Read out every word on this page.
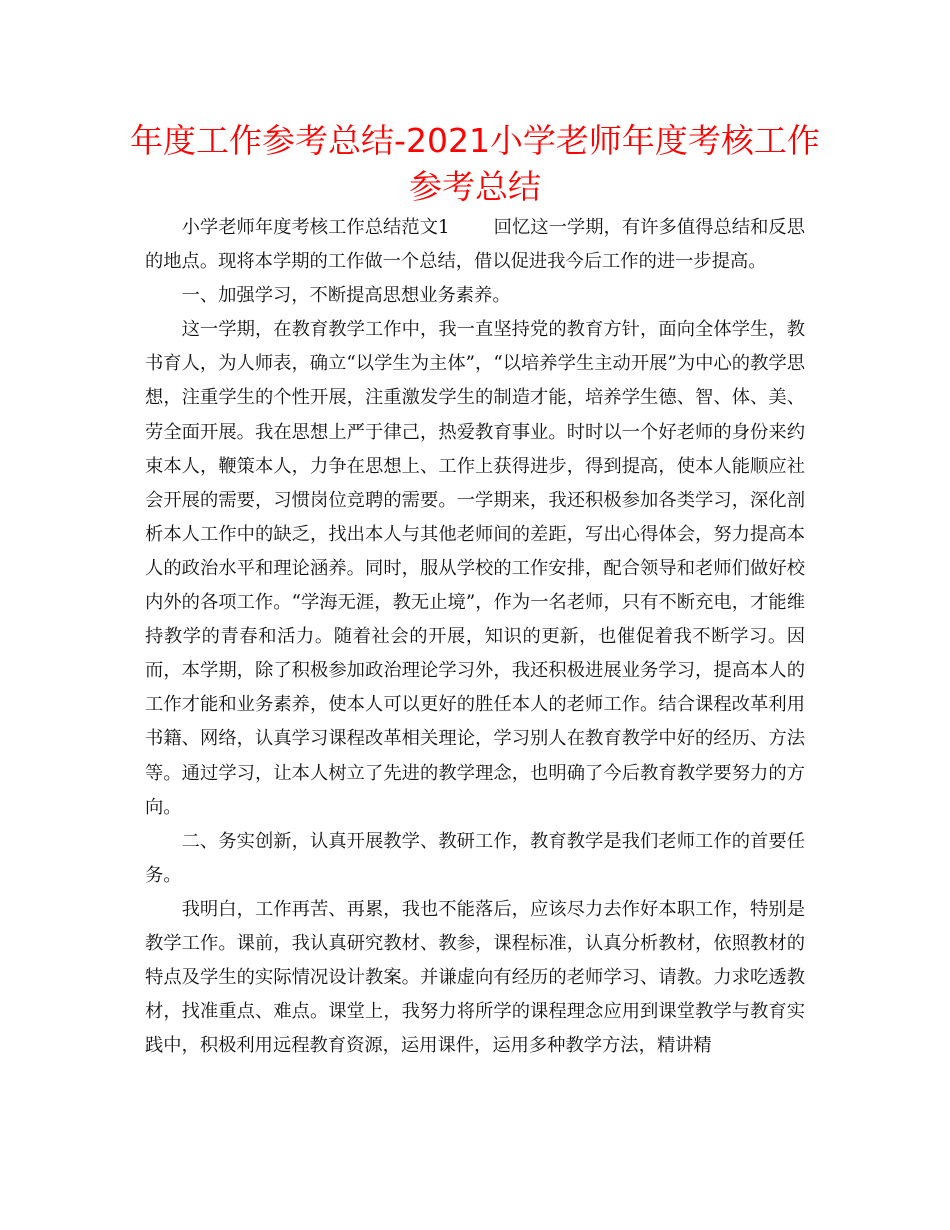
年度工作参考总结-2021小学老师年度考核工作
参考总结

小学老师年度考核工作总结范文1 回忆这一学期，有许多值得总结和反思的地点。现将本学期的工作做一个总结，借以促进我今后工作的进一步提高。

一、加强学习，不断提高思想业务素养。

这一学期，在教育教学工作中，我一直坚持党的教育方针，面向全体学生，教书育人，为人师表，确立“以学生为主体”，“以培养学生主动开展”为中心的教学思想，注重学生的个性开展，注重激发学生的制造才能，培养学生德、智、体、美、劳全面开展。我在思想上严于律己，热爱教育事业。时时以一个好老师的身份来约束本人，鞭策本人，力争在思想上、工作上获得进步，得到提高，使本人能顺应社会开展的需要，习惯岗位竞聘的需要。一学期来，我还积极参加各类学习，深化剖析本人工作中的缺乏，找出本人与其他老师间的差距，写出心得体会，努力提高本人的政治水平和理论涵养。同时，服从学校的工作安排，配合领导和老师们做好校内外的各项工作。“学海无涯，教无止境”，作为一名老师，只有不断充电，才能维持教学的青春和活力。随着社会的开展，知识的更新，也催促着我不断学习。因而，本学期，除了积极参加政治理论学习外，我还积极进展业务学习，提高本人的工作才能和业务素养，使本人可以更好的胜任本人的老师工作。结合课程改革利用书籍、网络，认真学习课程改革相关理论，学习别人在教育教学中好的经历、方法等。通过学习，让本人树立了先进的教学理念，也明确了今后教育教学要努力的方向。

二、务实创新，认真开展教学、教研工作，教育教学是我们老师工作的首要任务。

我明白，工作再苦、再累，我也不能落后，应该尽力去作好本职工作，特别是教学工作。课前，我认真研究教材、教参，课程标准，认真分析教材，依照教材的特点及学生的实际情况设计教案。并谦虚向有经历的老师学习、请教。力求吃透教材，找准重点、难点。课堂上，我努力将所学的课程理念应用到课堂教学与教育实践中，积极利用远程教育资源，运用课件，运用多种教学方法，精讲精
